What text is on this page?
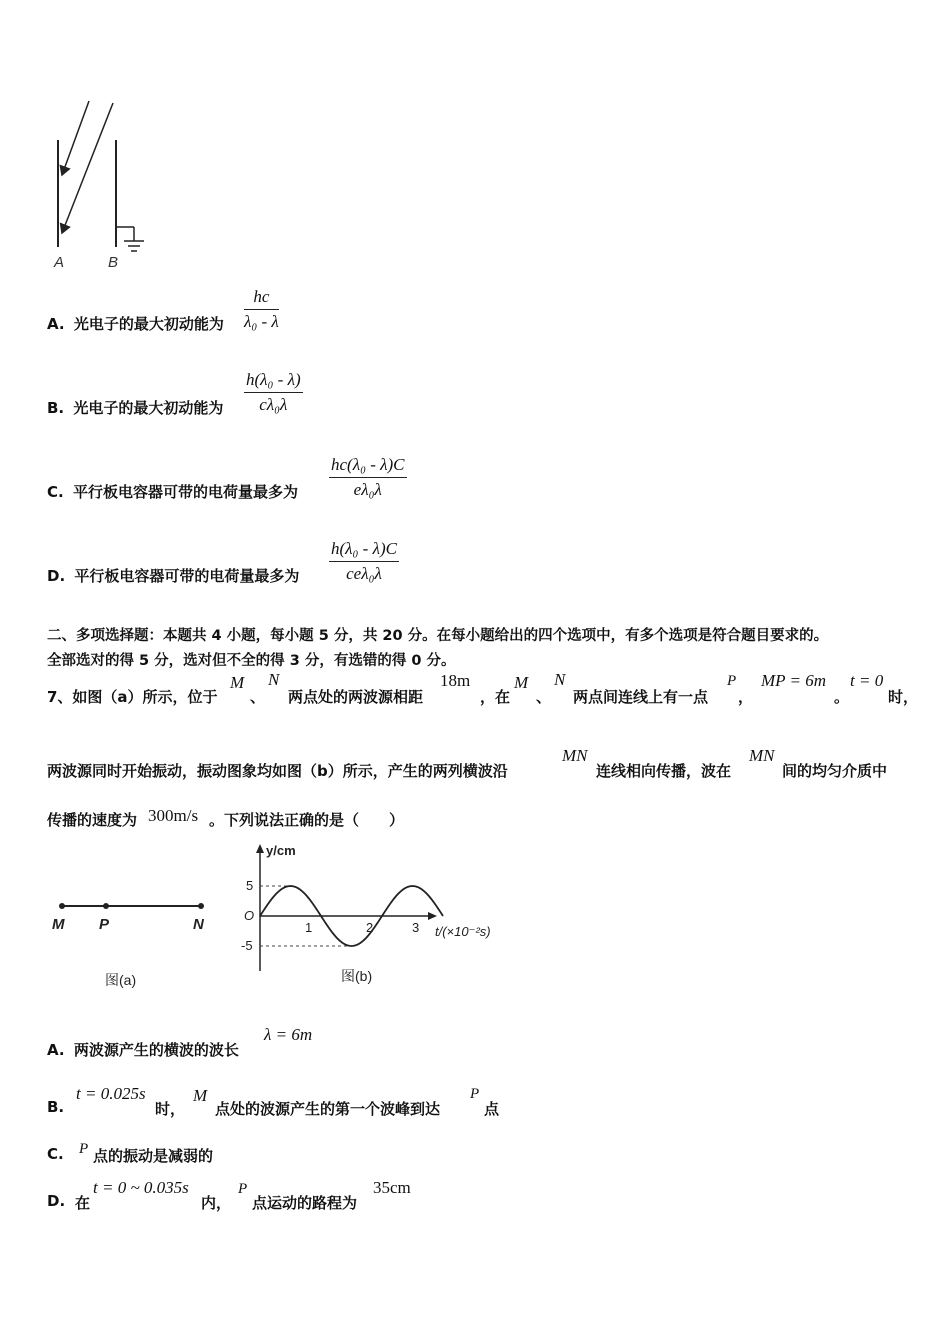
A	B
A. 光电子的最大初动能为 $\frac{hc}{\text{λ₀ - λ}}$
B. 光电子的最大初动能为 $\frac{\text{h(λ₀ - λ)}}{\text{cλ₀λ}}$
C. 平行板电容器可带的电荷量最多为 $\frac{\text{hc(λ₀ - λ)C}}{\text{eλ₀λ}}$
D. 平行板电容器可带的电荷量最多为
h(λ₀ - λ)C
ceλ₀λ
二、多项选择题：本题共 4 小题，每小题 5 分，共 20 分。在每小题给出的四个选项中，有多个选项是符合题目要求的。
全部选对的得 5 分，选对但不全的得 3 分，有选错的得 0 分。
7、如图（a）所示，位于
M
、
N
两点处的两波源相距
18m
，在
M
、
N
两点间连线上有一点
P
，
MP = 6m
。
t = 0
时，
两波源同时开始振动，振动图象均如图（b）所示，产生的两列横波沿
MN
连线相向传播，波在
MN
间的均匀介质中
传播的速度为 300m/s 。下列说法正确的是（　　）
M P	N
图(a)
y/cm
5
-5
O
1	2	3 t/(×10⁻²s)
图(b)
A. 两波源产生的横波的波长
λ = 6m
B.
t = 0.025s
时，
M
点处的波源产生的第一个波峰到达
P
点
C. P 点的振动是减弱的
D. 在
t = 0 ~ 0.035s
内，
P
点运动的路程为
35cm
